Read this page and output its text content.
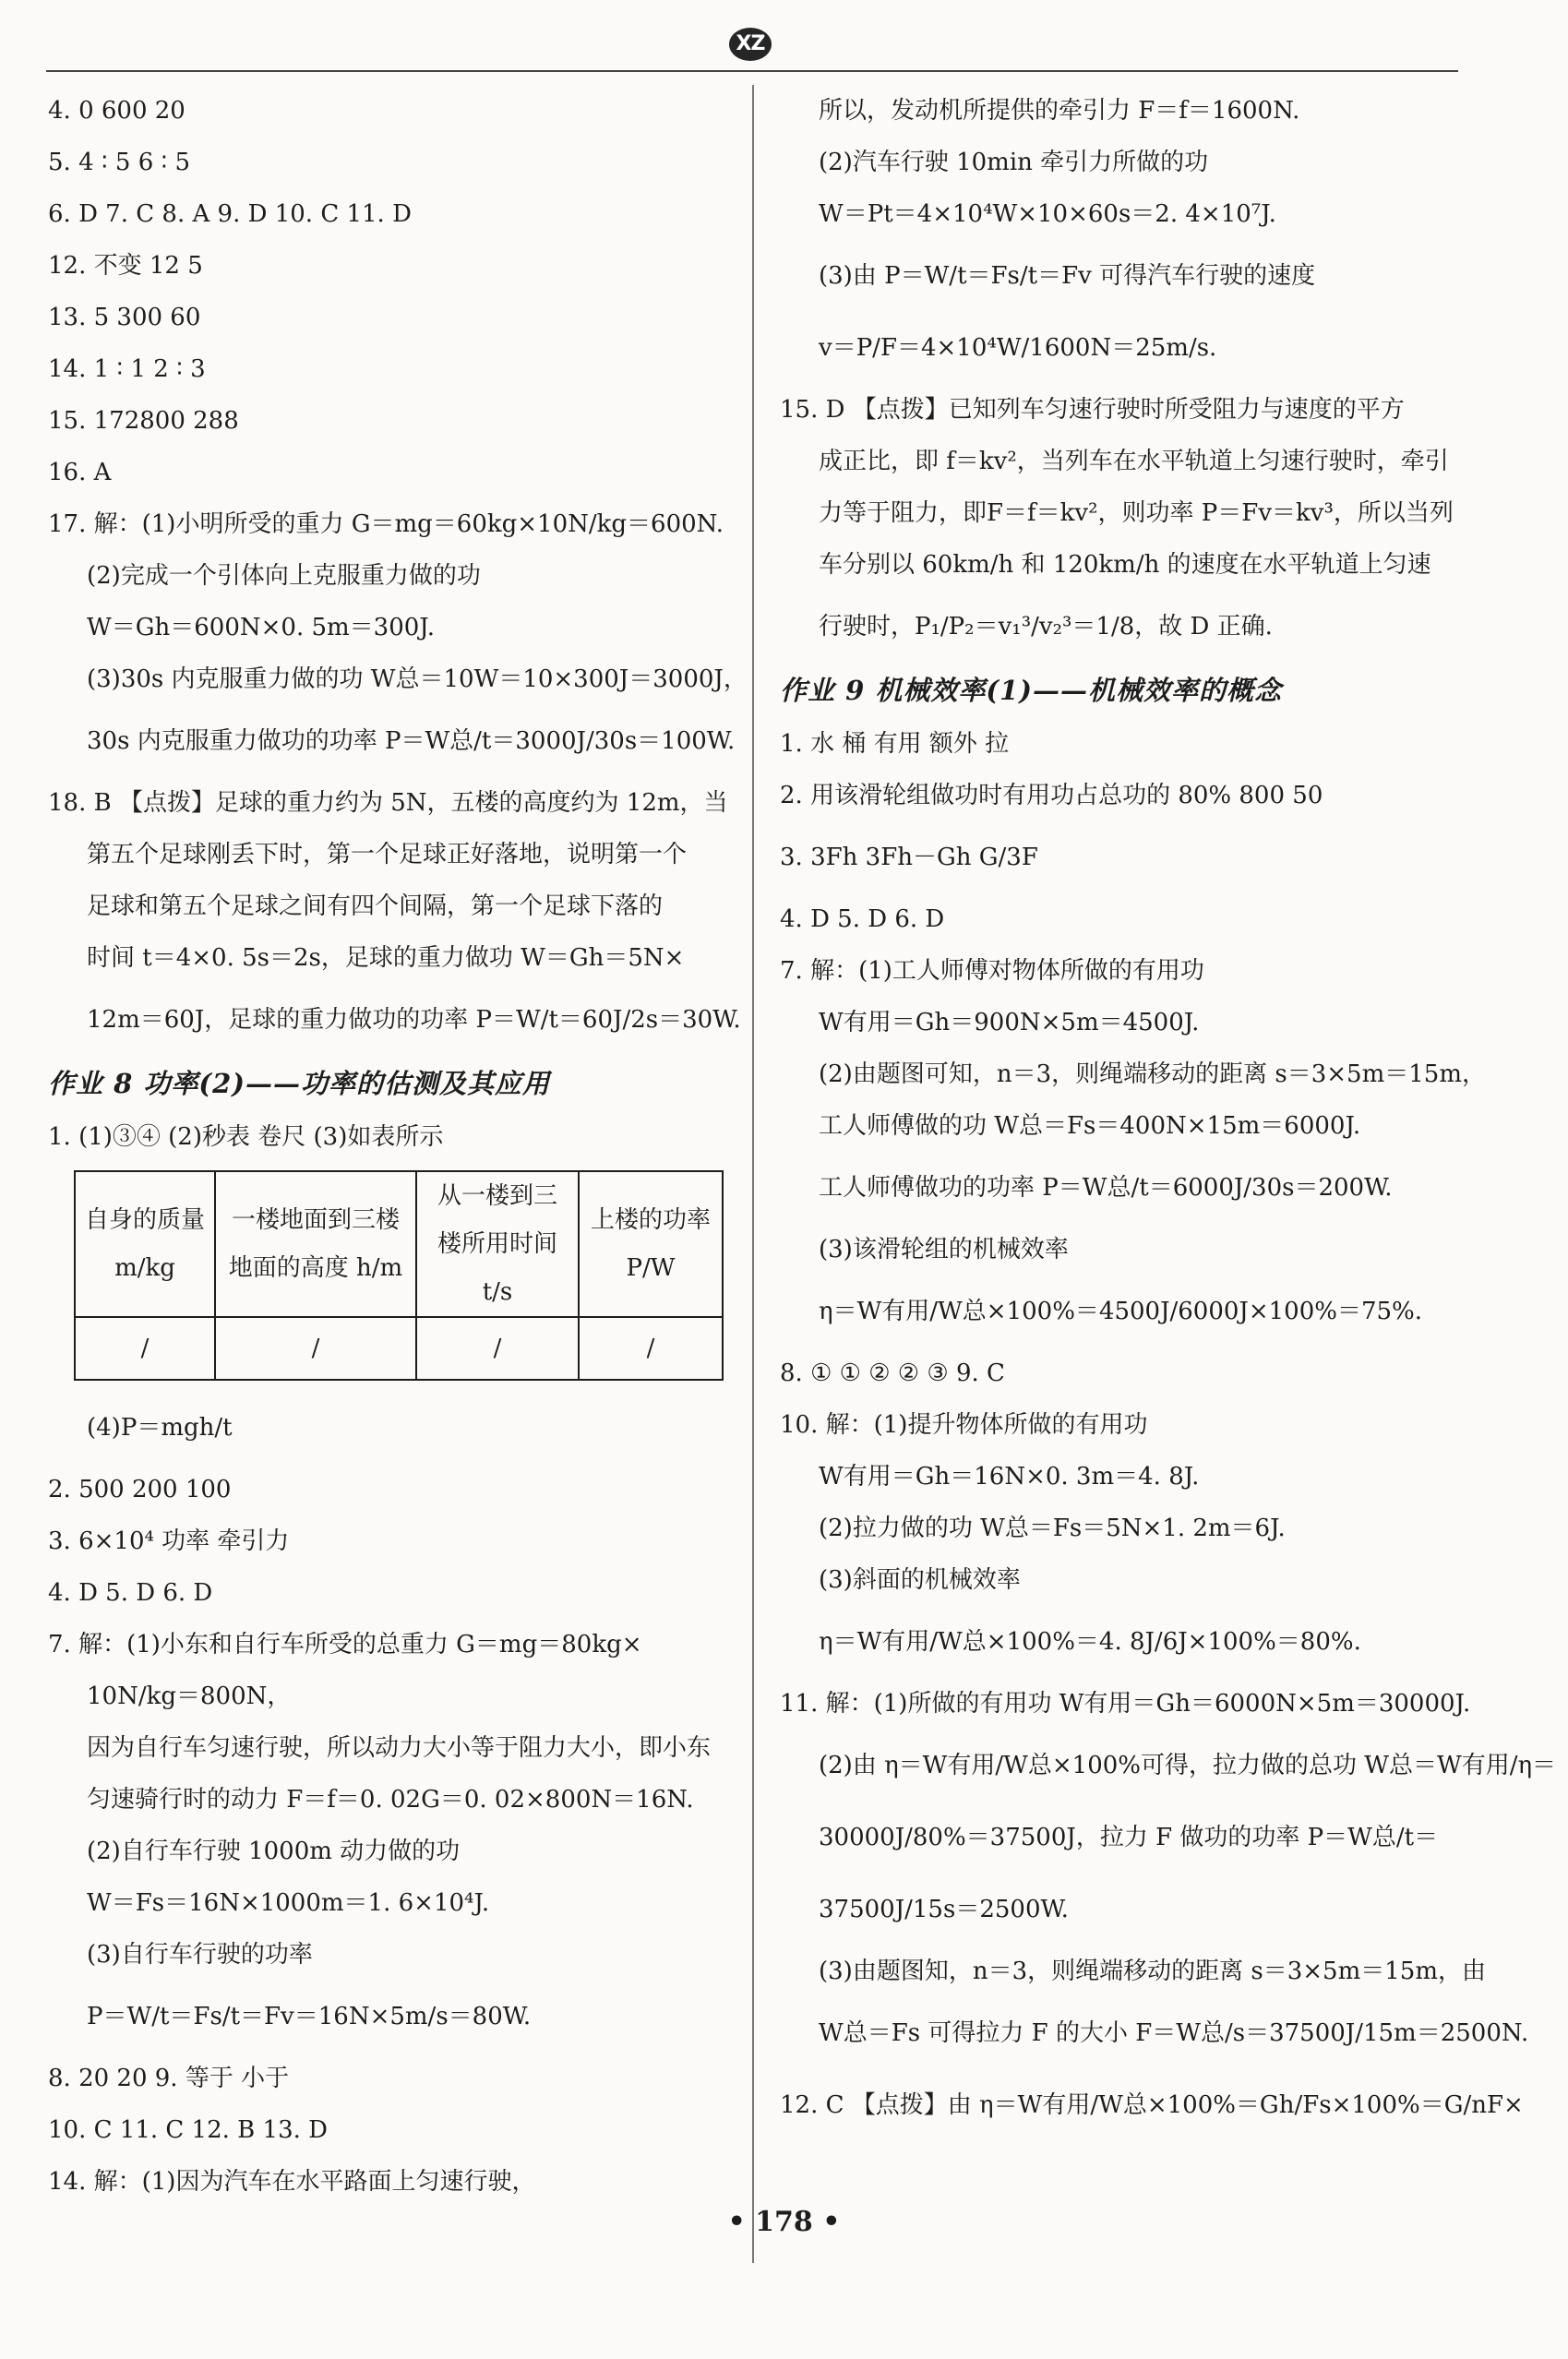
XZ
4. 0 600 20
5. 4 ∶ 5 6 ∶ 5
6. D 7. C 8. A 9. D 10. C 11. D
12. 不变 12 5
13. 5 300 60
14. 1 ∶ 1 2 ∶ 3
15. 172800 288
16. A
17. 解：(1)小明所受的重力 G＝mg＝60kg×10N/kg＝600N.
(2)完成一个引体向上克服重力做的功
W＝Gh＝600N×0. 5m＝300J.
(3)30s 内克服重力做的功 W总＝10W＝10×300J＝3000J，
30s 内克服重力做功的功率 P＝W总/t＝3000J/30s＝100W.
18. B 【点拨】足球的重力约为 5N，五楼的高度约为 12m，当
第五个足球刚丢下时，第一个足球正好落地，说明第一个
足球和第五个足球之间有四个间隔，第一个足球下落的
时间 t＝4×0. 5s＝2s，足球的重力做功 W＝Gh＝5N×
12m＝60J，足球的重力做功的功率 P＝W/t＝60J/2s＝30W.
作业 8 功率(2)——功率的估测及其应用
1. (1)③④ (2)秒表 卷尺 (3)如表所示
自身的质量 m/kg	一楼地面到三楼地面的高度 h/m	从一楼到三楼所用时间 t/s	上楼的功率 P/W
/	/	/	/
(4)P＝mgh/t
2. 500 200 100
3. 6×10⁴ 功率 牵引力
4. D 5. D 6. D
7. 解：(1)小东和自行车所受的总重力 G＝mg＝80kg×
10N/kg＝800N，
因为自行车匀速行驶，所以动力大小等于阻力大小，即小东
匀速骑行时的动力 F＝f＝0. 02G＝0. 02×800N＝16N.
(2)自行车行驶 1000m 动力做的功
W＝Fs＝16N×1000m＝1. 6×10⁴J.
(3)自行车行驶的功率
P＝W/t＝Fs/t＝Fv＝16N×5m/s＝80W.
8. 20 20 9. 等于 小于
10. C 11. C 12. B 13. D
14. 解：(1)因为汽车在水平路面上匀速行驶，
所以，发动机所提供的牵引力 F＝f＝1600N.
(2)汽车行驶 10min 牵引力所做的功
W＝Pt＝4×10⁴W×10×60s＝2. 4×10⁷J.
(3)由 P＝W/t＝Fs/t＝Fv 可得汽车行驶的速度
v＝P/F＝4×10⁴W/1600N＝25m/s.
15. D 【点拨】已知列车匀速行驶时所受阻力与速度的平方
成正比，即 f＝kv²，当列车在水平轨道上匀速行驶时，牵引
力等于阻力，即F＝f＝kv²，则功率 P＝Fv＝kv³，所以当列
车分别以 60km/h 和 120km/h 的速度在水平轨道上匀速
行驶时，P₁/P₂＝v₁³/v₂³＝1/8，故 D 正确.
作业 9 机械效率(1)——机械效率的概念
1. 水 桶 有用 额外 拉
2. 用该滑轮组做功时有用功占总功的 80% 800 50
3. 3Fh 3Fh－Gh G/3F
4. D 5. D 6. D
7. 解：(1)工人师傅对物体所做的有用功
W有用＝Gh＝900N×5m＝4500J.
(2)由题图可知，n＝3，则绳端移动的距离 s＝3×5m＝15m，
工人师傅做的功 W总＝Fs＝400N×15m＝6000J.
工人师傅做功的功率 P＝W总/t＝6000J/30s＝200W.
(3)该滑轮组的机械效率
η＝W有用/W总×100%＝4500J/6000J×100%＝75%.
8. ① ① ② ② ③ 9. C
10. 解：(1)提升物体所做的有用功
W有用＝Gh＝16N×0. 3m＝4. 8J.
(2)拉力做的功 W总＝Fs＝5N×1. 2m＝6J.
(3)斜面的机械效率
η＝W有用/W总×100%＝4. 8J/6J×100%＝80%.
11. 解：(1)所做的有用功 W有用＝Gh＝6000N×5m＝30000J.
(2)由 η＝W有用/W总×100%可得，拉力做的总功 W总＝W有用/η＝
30000J/80%＝37500J，拉力 F 做功的功率 P＝W总/t＝
37500J/15s＝2500W.
(3)由题图知，n＝3，则绳端移动的距离 s＝3×5m＝15m，由
W总＝Fs 可得拉力 F 的大小 F＝W总/s＝37500J/15m＝2500N.
12. C 【点拨】由 η＝W有用/W总×100%＝Gh/Fs×100%＝G/nF×
• 178 •
